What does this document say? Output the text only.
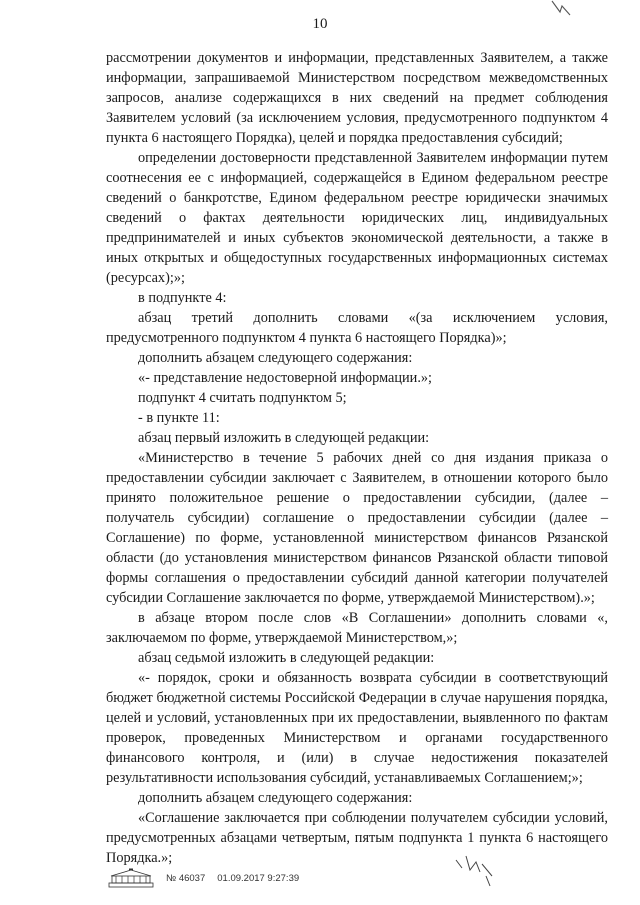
10

рассмотрении документов и информации, представленных Заявителем, а также информации, запрашиваемой Министерством посредством межведомственных запросов, анализе содержащихся в них сведений на предмет соблюдения Заявителем условий (за исключением условия, предусмотренного подпунктом 4 пункта 6 настоящего Порядка), целей и порядка предоставления субсидий;

определении достоверности представленной Заявителем информации путем соотнесения ее с информацией, содержащейся в Едином федеральном реестре сведений о банкротстве, Едином федеральном реестре юридически значимых сведений о фактах деятельности юридических лиц, индивидуальных предпринимателей и иных субъектов экономической деятельности, а также в иных открытых и общедоступных государственных информационных системах (ресурсах);»;

в подпункте 4:

абзац третий дополнить словами «(за исключением условия, предусмотренного подпунктом 4 пункта 6 настоящего Порядка)»;

дополнить абзацем следующего содержания:

«- представление недостоверной информации.»;

подпункт 4 считать подпунктом 5;

- в пункте 11:

абзац первый изложить в следующей редакции:

«Министерство в течение 5 рабочих дней со дня издания приказа о предоставлении субсидии заключает с Заявителем, в отношении которого было принято положительное решение о предоставлении субсидии, (далее – получатель субсидии) соглашение о предоставлении субсидии (далее – Соглашение) по форме, установленной министерством финансов Рязанской области (до установления министерством финансов Рязанской области типовой формы соглашения о предоставлении субсидий данной категории получателей субсидии Соглашение заключается по форме, утверждаемой Министерством).»;

в абзаце втором после слов «В Соглашении» дополнить словами «, заключаемом по форме, утверждаемой Министерством,»;

абзац седьмой изложить в следующей редакции:

«- порядок, сроки и обязанность возврата субсидии в соответствующий бюджет бюджетной системы Российской Федерации в случае нарушения порядка, целей и условий, установленных при их предоставлении, выявленного по фактам проверок, проведенных Министерством и органами государственного финансового контроля, и (или) в случае недостижения показателей результативности использования субсидий, устанавливаемых Соглашением;»;

дополнить абзацем следующего содержания:

«Соглашение заключается при соблюдении получателем субсидии условий, предусмотренных абзацами четвертым, пятым подпункта 1 пункта 6 настоящего Порядка.»;

№ 46037 01.09.2017 9:27:39
